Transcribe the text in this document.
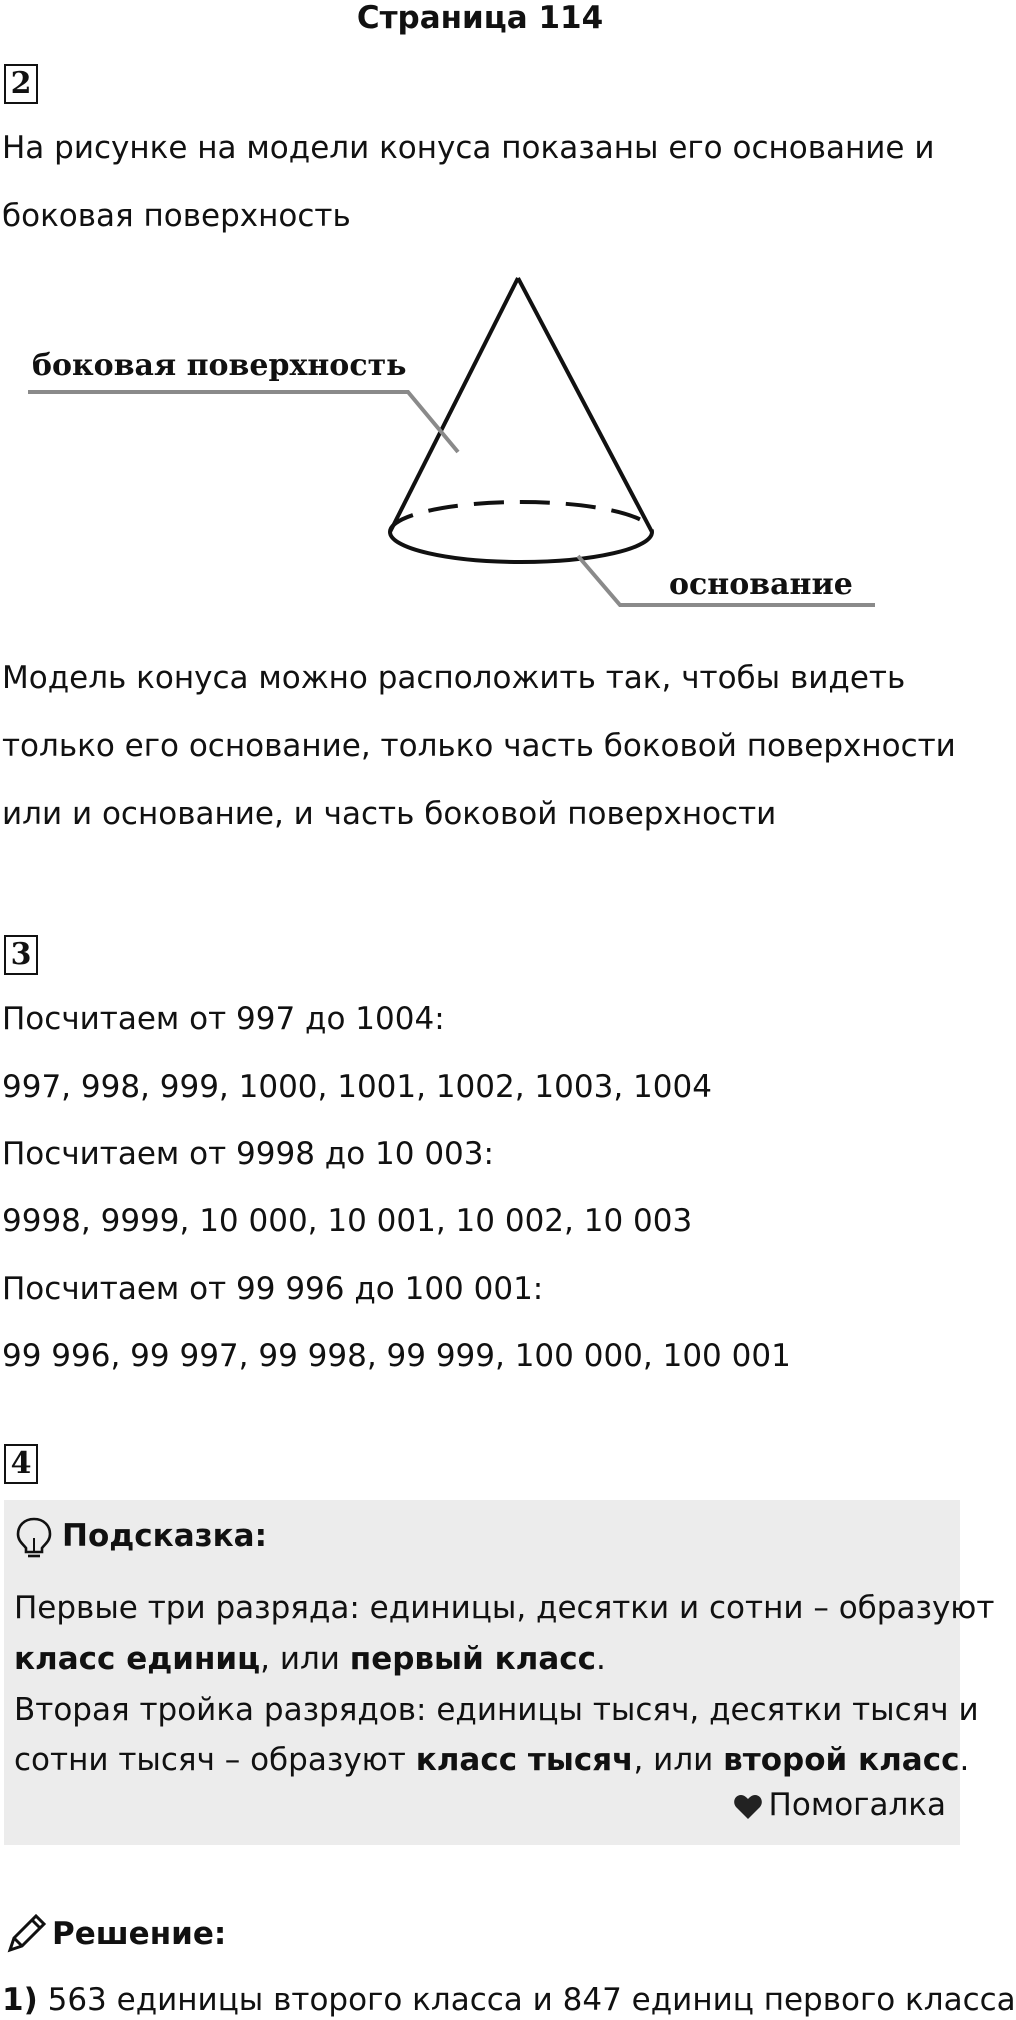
Страница 114
2
На рисунке на модели конуса показаны его основание и
боковая поверхность
боковая поверхность
основание
Модель конуса можно расположить так, чтобы видеть
только его основание, только часть боковой поверхности
или и основание, и часть боковой поверхности
3
Посчитаем от 997 до 1004:
997, 998, 999, 1000, 1001, 1002, 1003, 1004
Посчитаем от 9998 до 10 003:
9998, 9999, 10 000, 10 001, 10 002, 10 003
Посчитаем от 99 996 до 100 001:
99 996, 99 997, 99 998, 99 999, 100 000, 100 001
4
Подсказка:
Первые три разряда: единицы, десятки и сотни – образуют
класс единиц, или первый класс.
Вторая тройка разрядов: единицы тысяч, десятки тысяч и
сотни тысяч – образуют класс тысяч, или второй класс.
Помогалка
Решение:
1) 563 единицы второго класса и 847 единиц первого класса
